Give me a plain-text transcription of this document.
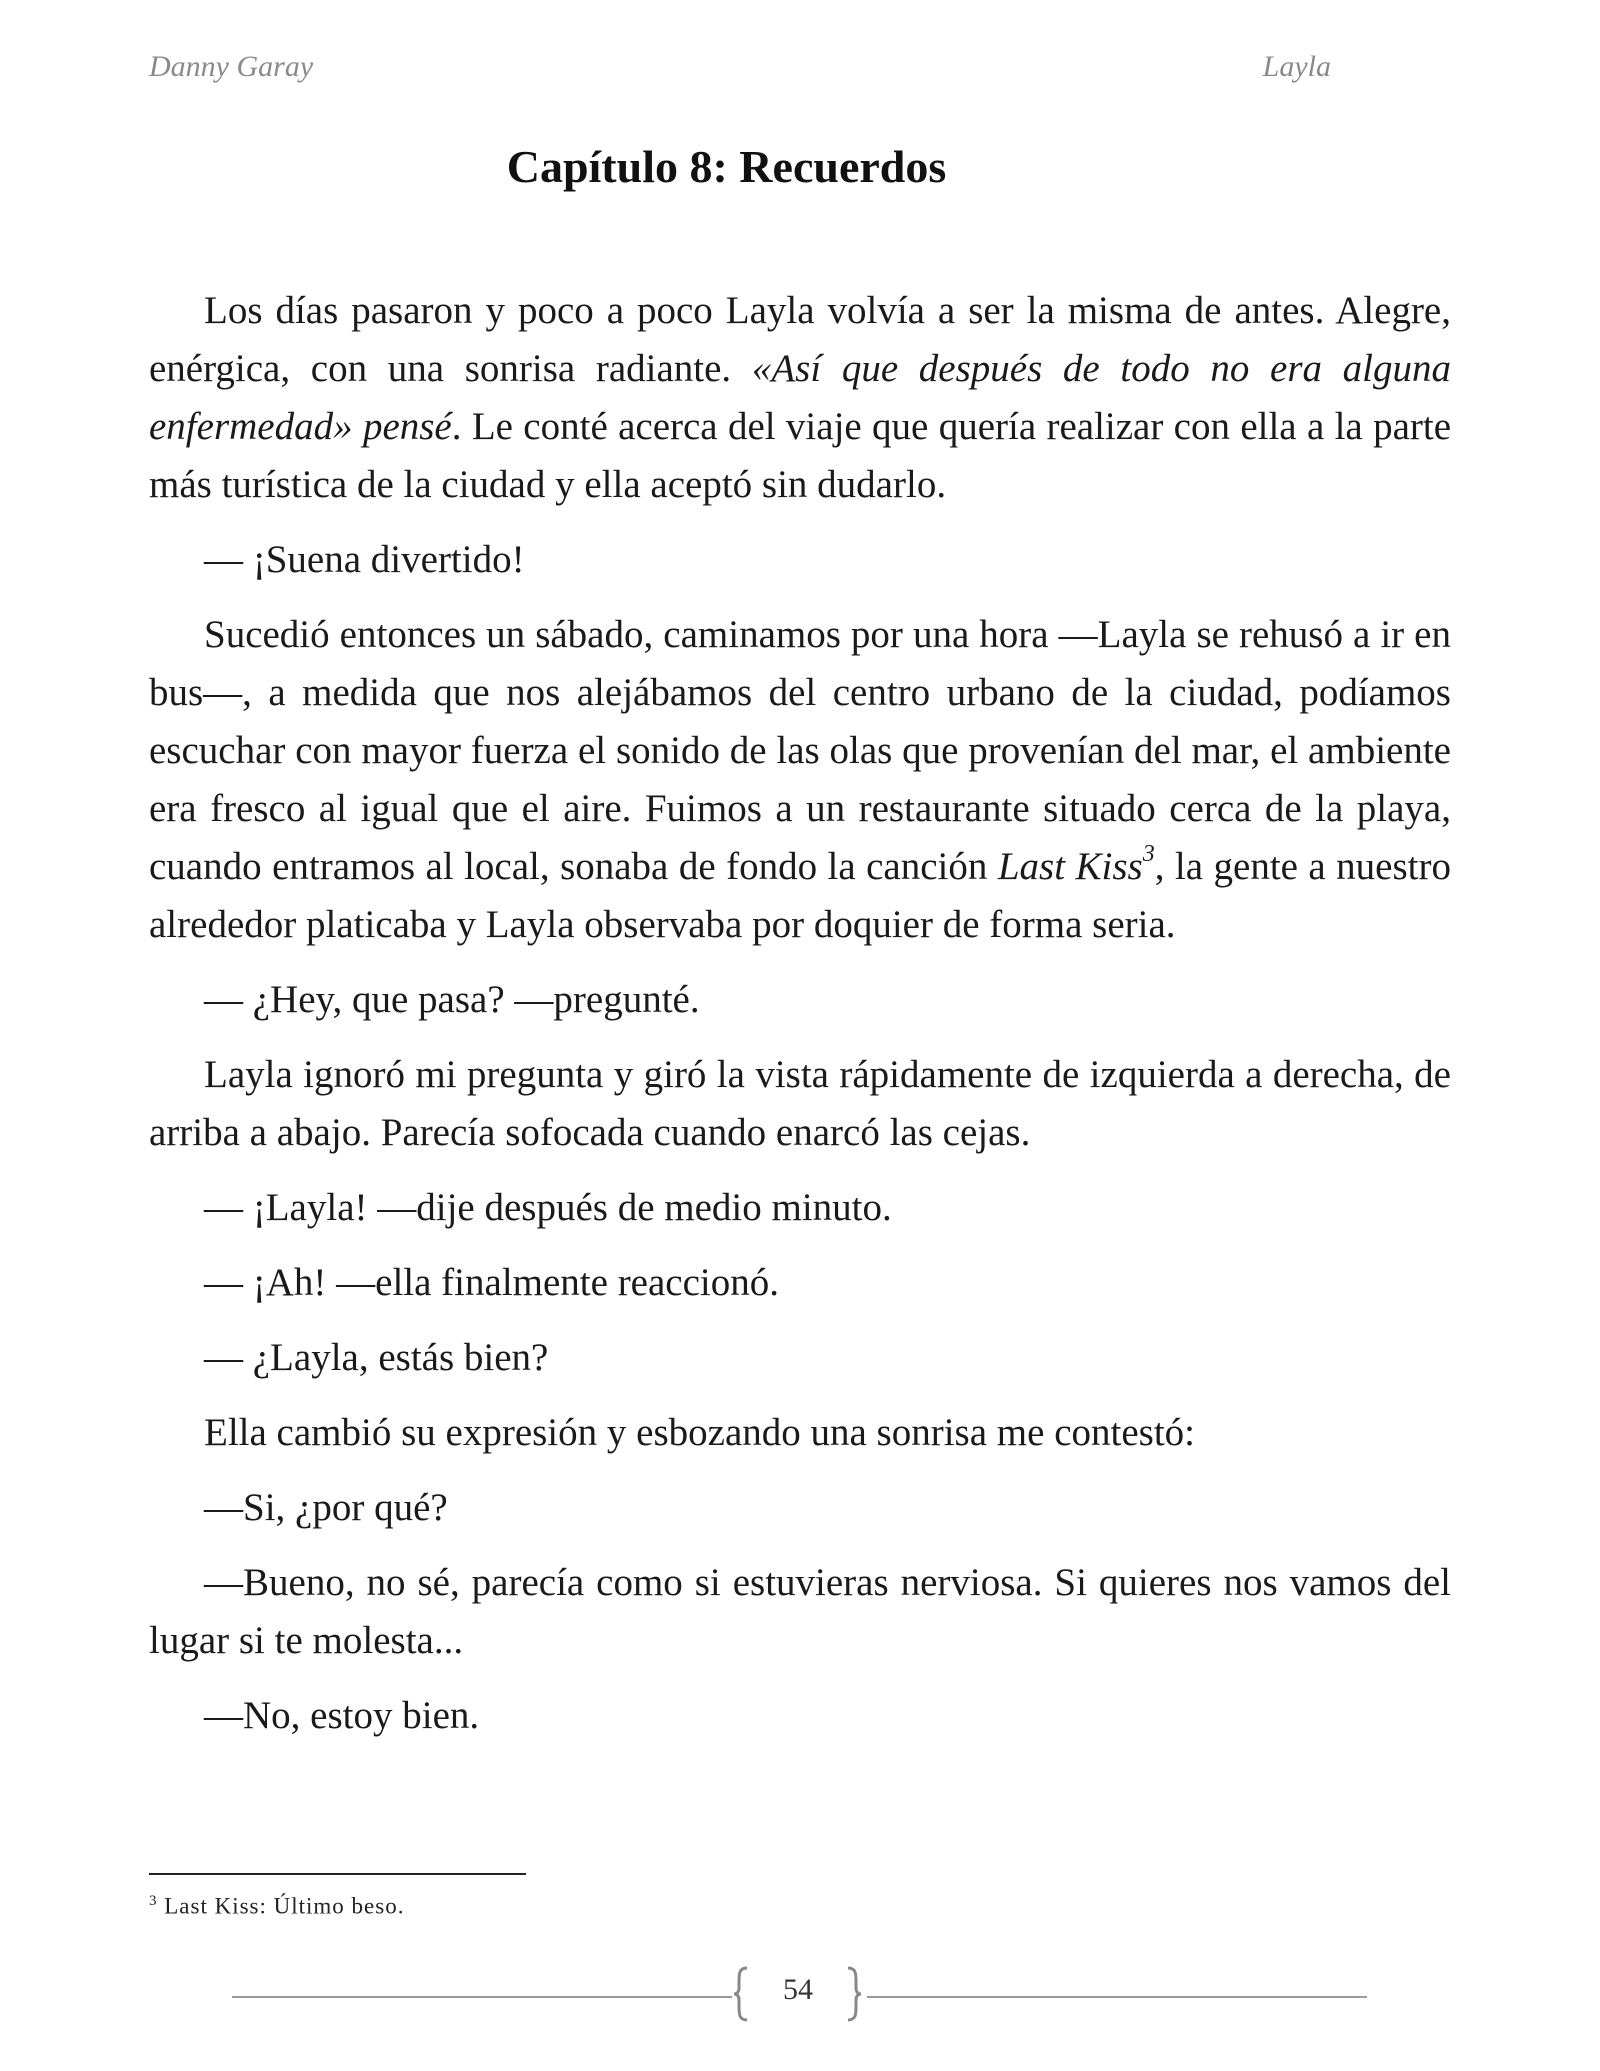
Danny Garay	Layla
Capítulo 8: Recuerdos

Los días pasaron y poco a poco Layla volvía a ser la misma de antes. Alegre, enérgica, con una sonrisa radiante. «Así que después de todo no era alguna enfermedad» pensé. Le conté acerca del viaje que quería realizar con ella a la parte más turística de la ciudad y ella aceptó sin dudarlo.

— ¡Suena divertido!

Sucedió entonces un sábado, caminamos por una hora —Layla se rehusó a ir en bus—, a medida que nos alejábamos del centro urbano de la ciudad, podíamos escuchar con mayor fuerza el sonido de las olas que provenían del mar, el ambiente era fresco al igual que el aire. Fuimos a un restaurante situado cerca de la playa, cuando entramos al local, sonaba de fondo la canción Last Kiss$^3$, la gente a nuestro alrededor platicaba y Layla observaba por doquier de forma seria.

— ¿Hey, que pasa? —pregunté.

Layla ignoró mi pregunta y giró la vista rápidamente de izquierda a derecha, de arriba a abajo. Parecía sofocada cuando enarcó las cejas.

— ¡Layla! —dije después de medio minuto.

— ¡Ah! —ella finalmente reaccionó.

— ¿Layla, estás bien?

Ella cambió su expresión y esbozando una sonrisa me contestó:

—Si, ¿por qué?

—Bueno, no sé, parecía como si estuvieras nerviosa. Si quieres nos vamos del lugar si te molesta...

—No, estoy bien.

$^3$ Last Kiss: Último beso.
54
